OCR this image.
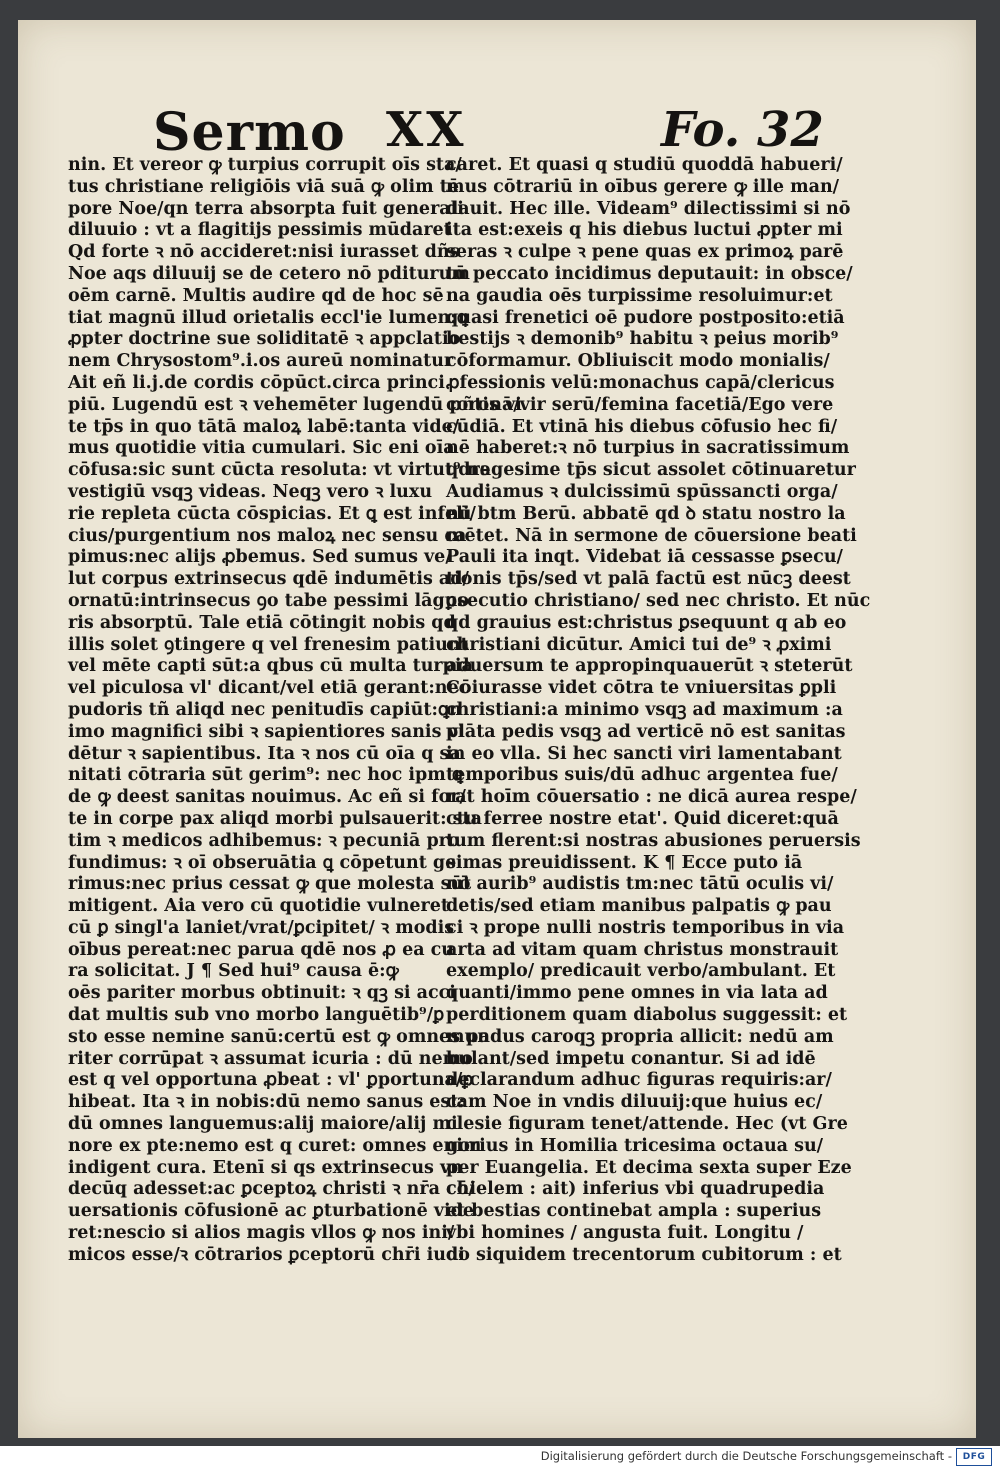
Sermo XX	Fo. 32
nin. Et vereor ꝙ turpius corrupit oīs sta/
tus christiane religiōis viā suā ꝙ olim tē
pore Noe/qn terra absorpta fuit generali
diluuio : vt a flagitijs pessimis mūdaret
Qd forte ꝛ nō accideret:nisi iurasset dñs
Noe aqs diluuij se de cetero nō pditurum
oēm carnē. Multis audire qd de hoc sē
tiat magnū illud orietalis eccl'ie lumen:ꝗ
ꝓpter doctrine sue soliditatē ꝛ appclatio
nem Chrysostom⁹.i.os aureū nominatur
Ait eñ li.j.de cordis cōpūct.circa princi
piū. Lugendū est ꝛ vehemēter lugendū pñtis vi
te tp̄s in quo tātā maloꝝ labē:tanta vide/
mus quotidie vitia cumulari. Sic eni oīa
cōfusa:sic sunt cūcta resoluta: vt virtut⁹ ne
vestigiū vsqꝫ videas. Neqꝫ vero ꝛ luxu
rie repleta cūcta cōspicias. Et ꝗ est infeli/
cius/purgentium nos maloꝝ nec sensu ca
pimus:nec alijs ꝓbemus. Sed sumus ve/
lut corpus extrinsecus qdē indumētis ad/
ornatū:intrinsecus ꝯo tabe pessimi lāguo
ris absorptū. Tale etiā cōtingit nobis qd
illis solet ꝯtingere q vel frenesim patiunt
vel mēte capti sūt:a qbus cū multa turpia
vel piculosa vl' dicant/vel etiā gerant:nec
pudoris tñ aliqd nec penitudīs capiūt:ꝗn
imo magnifici sibi ꝛ sapientiores sanis vi
dētur ꝛ sapientibus. Ita ꝛ nos cū oīa q sa
nitati cōtraria sūt gerim⁹: nec hoc ipm ꝗ
de ꝙ deest sanitas nouimus. Ac eñ si for/
te in corpe pax aliqd morbi pulsauerit: sta
tim ꝛ medicos adhibemus: ꝛ pecuniā pro
fundimus: ꝛ oī obseruātia ꝗ cōpetunt ge
rimus:nec prius cessat ꝙ que molesta sūt
mitigent. Aia vero cū quotidie vulneret
cū ꝑ singl'a laniet/vrat/ꝑcipitet/ ꝛ modis
oībus pereat:nec parua qdē nos ꝓ ea cu
ra solicitat. J ¶ Sed hui⁹ causa ē:ꝙ
oēs pariter morbus obtinuit: ꝛ qꝫ si acci
dat multis sub vno morbo languētib⁹/ꝑ
sto esse nemine sanū:certū est ꝙ omnes pa
riter corrūpat ꝛ assumat icuria : dū nemo
est q vel opportuna ꝓbeat : vl' ꝑportuna/ꝑ
hibeat. Ita ꝛ in nobis:dū nemo sanus est:
dū omnes languemus:alij maiore/alij mi
nore ex pte:nemo est q curet: omnes enim
indigent cura. Etenī si qs extrinsecus vn
decūq adesset:ac ꝑceptoꝝ christi ꝛ nr̄a cō/
uersationis cōfusionē ac ꝑturbationē vide
ret:nescio si alios magis vllos ꝙ nos ini/
micos esse/ꝛ cōtrarios ꝑceptorū chr̄i iudi
caret. Et quasi q studiū quoddā habueri/
mus cōtrariū in oībus gerere ꝙ ille man/
dauit. Hec ille. Videam⁹ dilectissimi si nō
ita est:exeis q his diebus luctui ꝓpter mi
seras ꝛ culpe ꝛ pene quas ex primoꝝ parē
tū peccato incidimus deputauit: in obsce/
na gaudia oēs turpissime resoluimur:et
quasi frenetici oē pudore postposito:etiā
bestijs ꝛ demonib⁹ habitu ꝛ peius morib⁹
cōformamur. Obliuiscit modo monialis/
ꝓfessionis velū:monachus capā/clericus
coronā/vir serū/femina facetiā/Ego vere
cūdiā. Et vtinā his diebus cōfusio hec fi/
nē haberet:ꝛ nō turpius in sacratissimum
qdragesime tp̄s sicut assolet cōtinuaretur
Audiamus ꝛ dulcissimū spūssancti orga/
nū btm Berū. abbatē qd ꝺ statu nostro la
mētet. Nā in sermone de cōuersione beati
Pauli ita inqt. Videbat iā cessasse ꝑsecu/
tionis tp̄s/sed vt palā factū est nūcꝫ deest
ꝑsecutio christiano/ sed nec christo. Et nūc
qd grauius est:christus ꝑsequunt q ab eo
christiani dicūtur. Amici tui de⁹ ꝛ ꝓximi
aduersum te appropinquauerūt ꝛ steterūt
Cōiurasse videt cōtra te vniuersitas ꝑpli
christiani:a minimo vsqꝫ ad maximum :a
plāta pedis vsqꝫ ad verticē nō est sanitas
in eo vlla. Si hec sancti viri lamentabant
temporibus suis/dū adhuc argentea fue/
rat hoīm cōuersatio : ne dicā aurea respe/
ctu ferree nostre etat'. Quid diceret:quā
tum flerent:si nostras abusiones peruersis
simas preuidissent. K ¶ Ecce puto iā
nō aurib⁹ audistis tm:nec tātū oculis vi/
detis/sed etiam manibus palpatis ꝙ pau
ci ꝛ prope nulli nostris temporibus in via
arta ad vitam quam christus monstrauit
exemplo/ predicauit verbo/ambulant. Et
quanti/immo pene omnes in via lata ad
perditionem quam diabolus suggessit: et
mundus caroqꝫ propria allicit: nedū am
bulant/sed impetu conantur. Si ad idē
declarandum adhuc figuras requiris:ar/
cam Noe in vndis diluuij:que huius ec/
clesie figuram tenet/attende. Hec (vt Gre
gorius in Homilia tricesima octaua su/
per Euangelia. Et decima sexta super Eze
chielem : ait) inferius vbi quadrupedia
et bestias continebat ampla : superius
vbi homines / angusta fuit. Longitu /
do siquidem trecentorum cubitorum : et
Digitalisierung gefördert durch die Deutsche Forschungsgemeinschaft -	DFG
